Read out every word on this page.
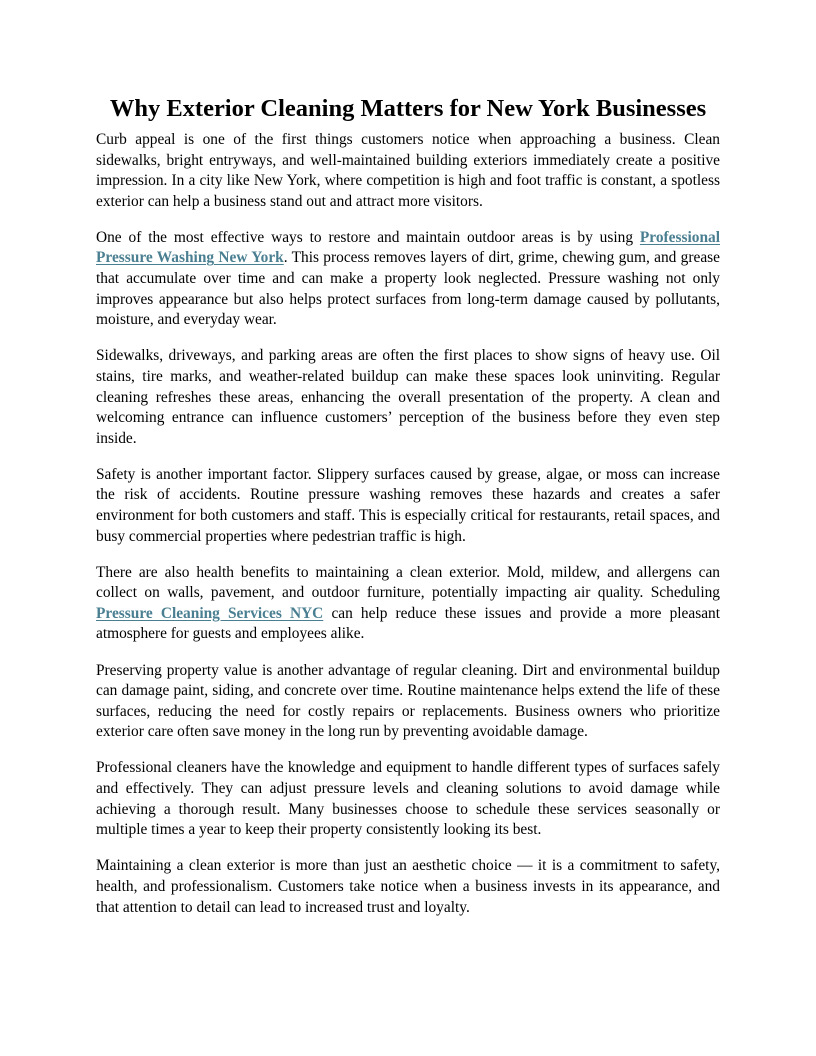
Why Exterior Cleaning Matters for New York Businesses

Curb appeal is one of the first things customers notice when approaching a business. Clean sidewalks, bright entryways, and well-maintained building exteriors immediately create a positive impression. In a city like New York, where competition is high and foot traffic is constant, a spotless exterior can help a business stand out and attract more visitors.

One of the most effective ways to restore and maintain outdoor areas is by using Professional Pressure Washing New York. This process removes layers of dirt, grime, chewing gum, and grease that accumulate over time and can make a property look neglected. Pressure washing not only improves appearance but also helps protect surfaces from long-term damage caused by pollutants, moisture, and everyday wear.

Sidewalks, driveways, and parking areas are often the first places to show signs of heavy use. Oil stains, tire marks, and weather-related buildup can make these spaces look uninviting. Regular cleaning refreshes these areas, enhancing the overall presentation of the property. A clean and welcoming entrance can influence customers’ perception of the business before they even step inside.

Safety is another important factor. Slippery surfaces caused by grease, algae, or moss can increase the risk of accidents. Routine pressure washing removes these hazards and creates a safer environment for both customers and staff. This is especially critical for restaurants, retail spaces, and busy commercial properties where pedestrian traffic is high.

There are also health benefits to maintaining a clean exterior. Mold, mildew, and allergens can collect on walls, pavement, and outdoor furniture, potentially impacting air quality. Scheduling Pressure Cleaning Services NYC can help reduce these issues and provide a more pleasant atmosphere for guests and employees alike.

Preserving property value is another advantage of regular cleaning. Dirt and environmental buildup can damage paint, siding, and concrete over time. Routine maintenance helps extend the life of these surfaces, reducing the need for costly repairs or replacements. Business owners who prioritize exterior care often save money in the long run by preventing avoidable damage.

Professional cleaners have the knowledge and equipment to handle different types of surfaces safely and effectively. They can adjust pressure levels and cleaning solutions to avoid damage while achieving a thorough result. Many businesses choose to schedule these services seasonally or multiple times a year to keep their property consistently looking its best.

Maintaining a clean exterior is more than just an aesthetic choice — it is a commitment to safety, health, and professionalism. Customers take notice when a business invests in its appearance, and that attention to detail can lead to increased trust and loyalty.
